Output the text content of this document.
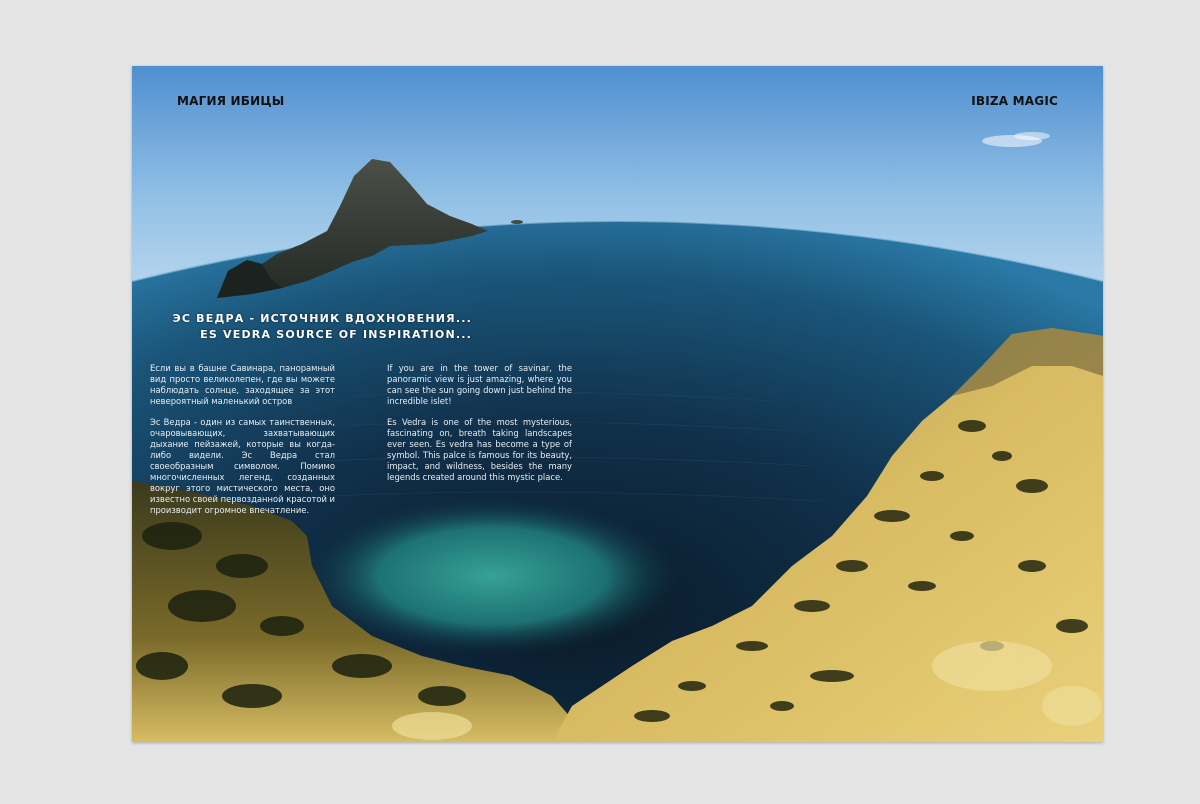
МАГИЯ ИБИЦЫ	IBIZA MAGIC
ЭС ВЕДРА - ИСТОЧНИК ВДОХНОВЕНИЯ...
ES VEDRA SOURCE OF INSPIRATION...

Если вы в башне Савинара, панорамный вид просто великолепен, где вы можете наблюдать солнце, заходящее за этот невероятный маленький остров

Эс Ведра - один из самых таинственных, очаровывающих, захватывающих дыхание пейзажей, которые вы когда-либо видели. Эс Ведра стал своеобразным символом. Помимо многочисленных легенд, созданных вокруг этого мистического места, оно известно своей первозданной красотой и производит огромное впечатление.

If you are in the tower of savinar, the panoramic view is just amazing, where you can see the sun going down just behind the incredible islet!

Es Vedra is one of the most mysterious, fascinating on, breath taking landscapes ever seen. Es vedra has become a type of symbol. This palce is famous for its beauty, impact, and wildness, besides the many legends created around this mystic place.
